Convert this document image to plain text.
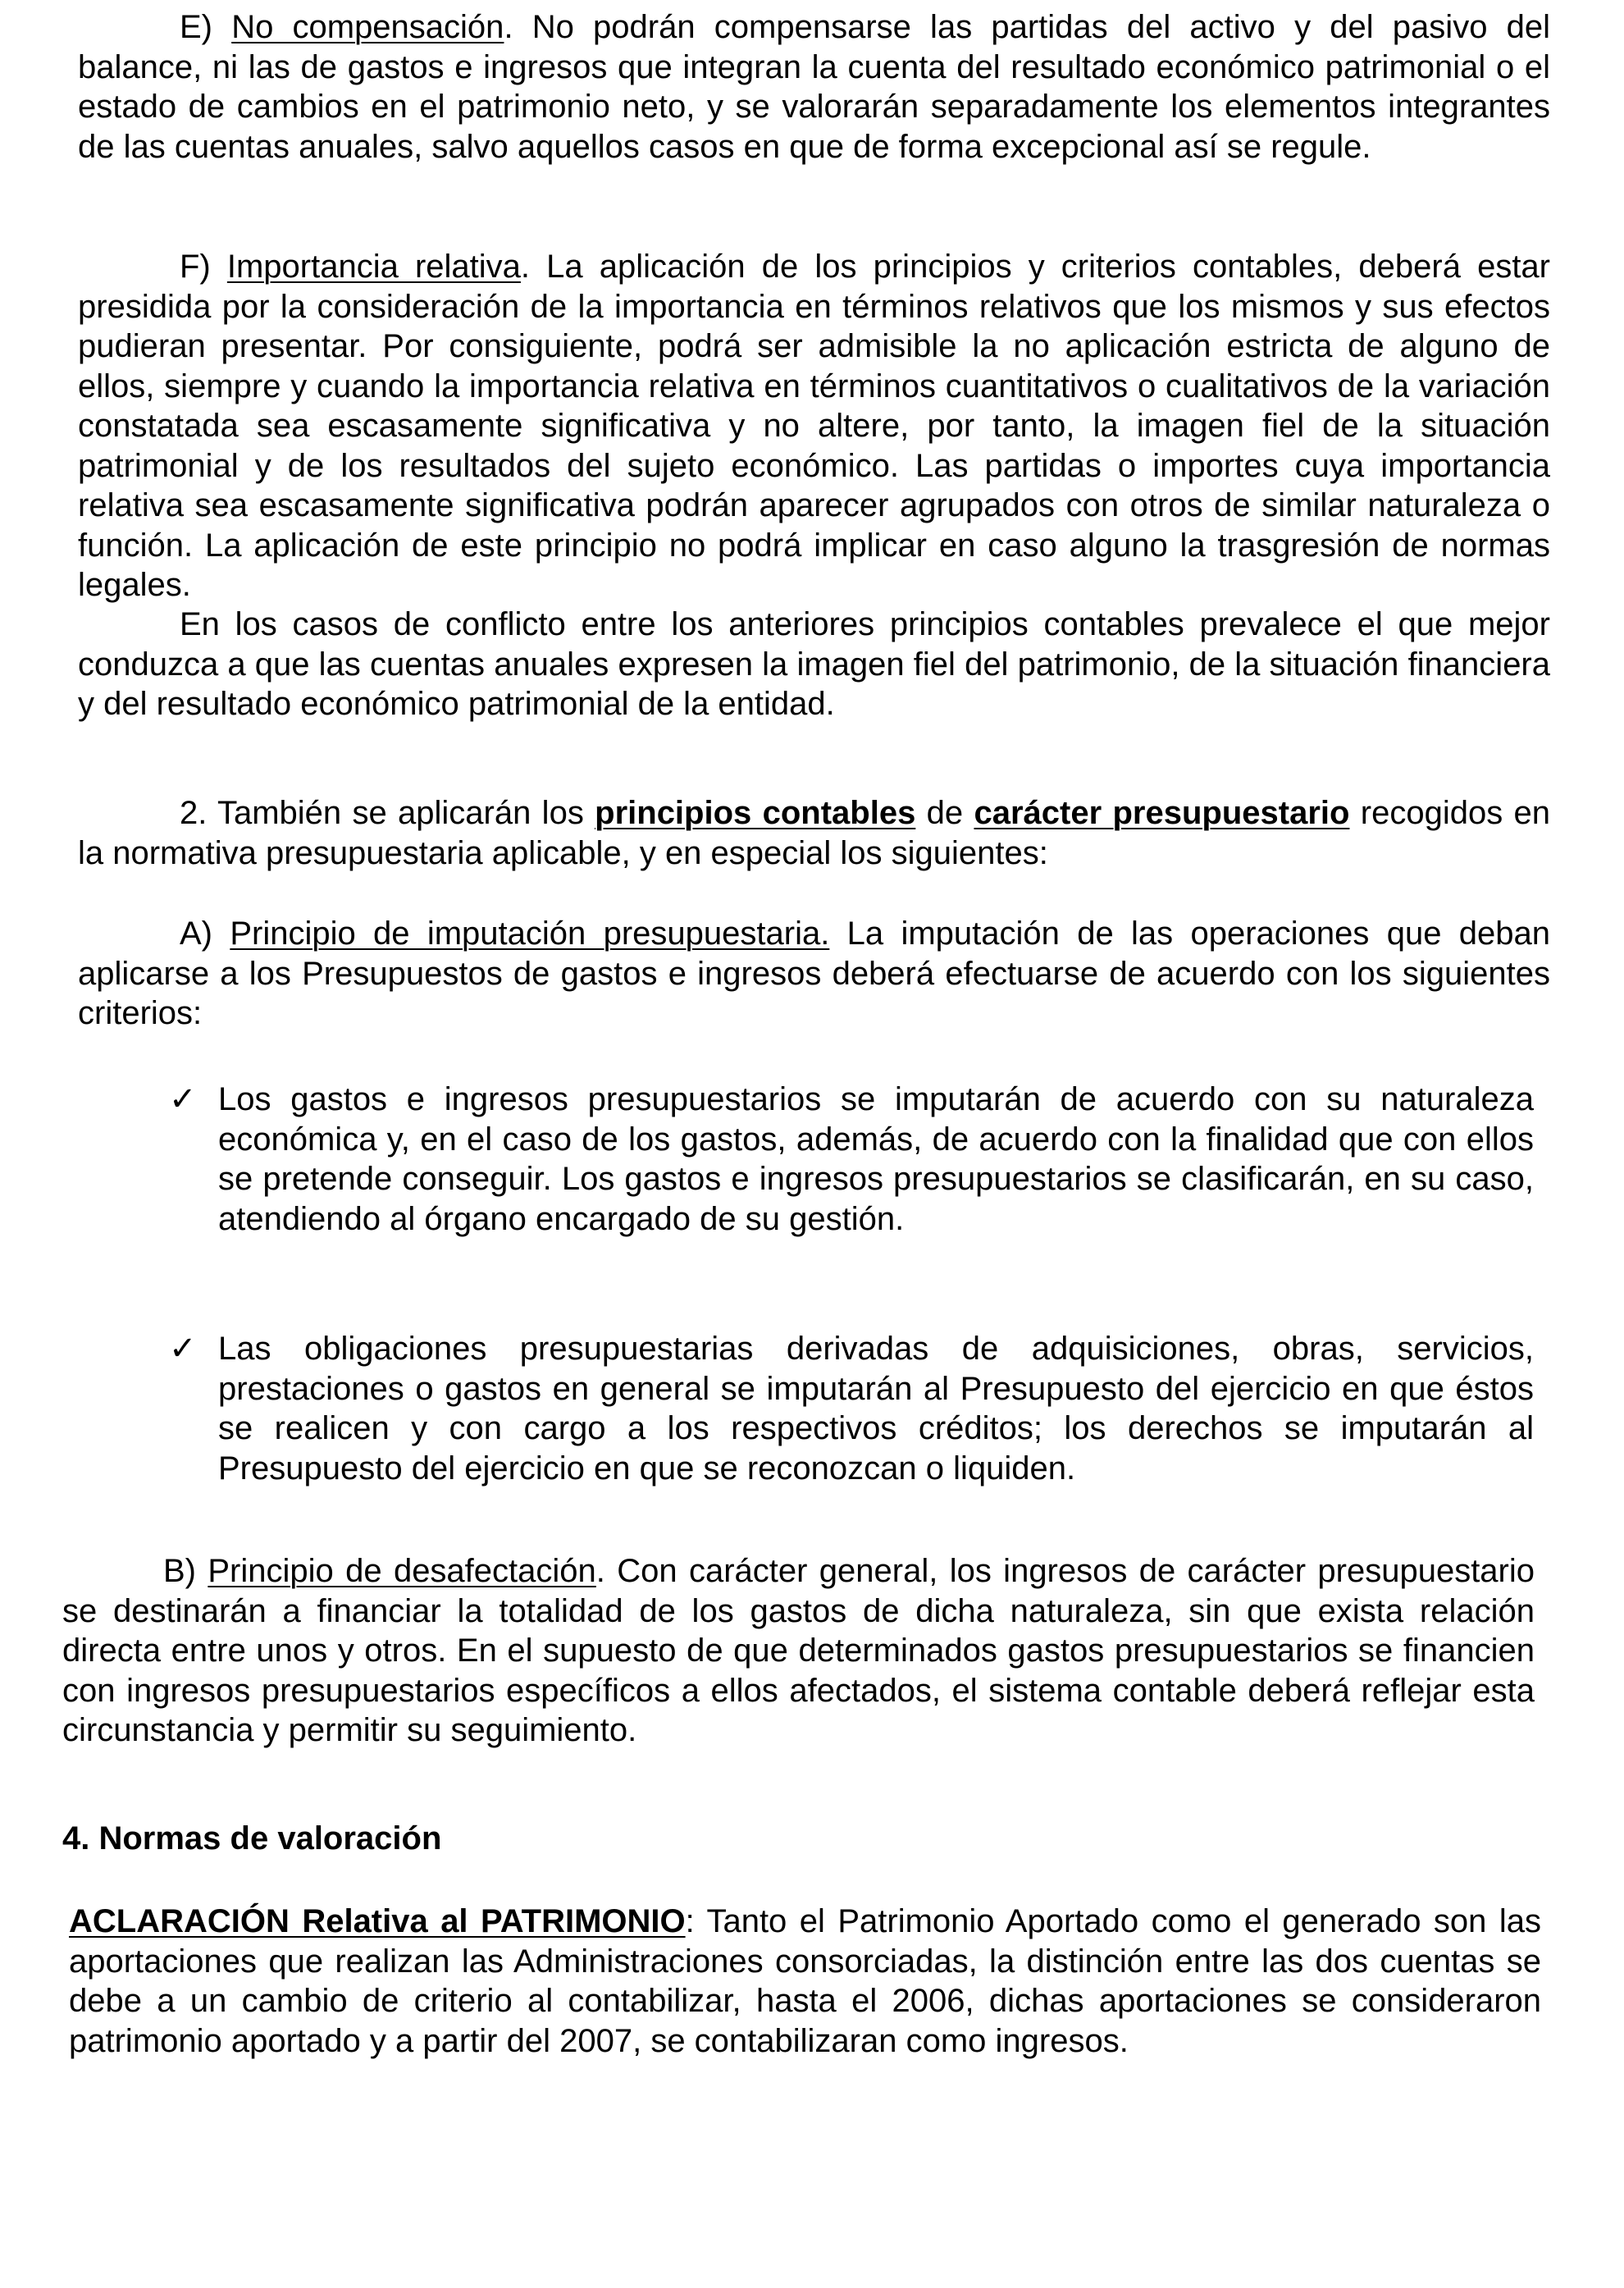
E) No compensación. No podrán compensarse las partidas del activo y del pasivo del balance, ni las de gastos e ingresos que integran la cuenta del resultado económico patrimonial o el estado de cambios en el patrimonio neto, y se valorarán separadamente los elementos integrantes de las cuentas anuales, salvo aquellos casos en que de forma excepcional así se regule.

F) Importancia relativa. La aplicación de los principios y criterios contables, deberá estar presidida por la consideración de la importancia en términos relativos que los mismos y sus efectos pudieran presentar. Por consiguiente, podrá ser admisible la no aplicación estricta de alguno de ellos, siempre y cuando la importancia relativa en términos cuantitativos o cualitativos de la variación constatada sea escasamente significativa y no altere, por tanto, la imagen fiel de la situación patrimonial y de los resultados del sujeto económico. Las partidas o importes cuya importancia relativa sea escasamente significativa podrán aparecer agrupados con otros de similar naturaleza o función. La aplicación de este principio no podrá implicar en caso alguno la trasgresión de normas legales.

En los casos de conflicto entre los anteriores principios contables prevalece el que mejor conduzca a que las cuentas anuales expresen la imagen fiel del patrimonio, de la situación financiera y del resultado económico patrimonial de la entidad.

2. También se aplicarán los principios contables de carácter presupuestario recogidos en la normativa presupuestaria aplicable, y en especial los siguientes:

A) Principio de imputación presupuestaria. La imputación de las operaciones que deban aplicarse a los Presupuestos de gastos e ingresos deberá efectuarse de acuerdo con los siguientes criterios:

✓ Los gastos e ingresos presupuestarios se imputarán de acuerdo con su naturaleza económica y, en el caso de los gastos, además, de acuerdo con la finalidad que con ellos se pretende conseguir. Los gastos e ingresos presupuestarios se clasificarán, en su caso, atendiendo al órgano encargado de su gestión.
✓ Las obligaciones presupuestarias derivadas de adquisiciones, obras, servicios, prestaciones o gastos en general se imputarán al Presupuesto del ejercicio en que éstos se realicen y con cargo a los respectivos créditos; los derechos se imputarán al Presupuesto del ejercicio en que se reconozcan o liquiden.

B) Principio de desafectación. Con carácter general, los ingresos de carácter presupuestario se destinarán a financiar la totalidad de los gastos de dicha naturaleza, sin que exista relación directa entre unos y otros. En el supuesto de que determinados gastos presupuestarios se financien con ingresos presupuestarios específicos a ellos afectados, el sistema contable deberá reflejar esta circunstancia y permitir su seguimiento.

4. Normas de valoración

ACLARACIÓN Relativa al PATRIMONIO: Tanto el Patrimonio Aportado como el generado son las aportaciones que realizan las Administraciones consorciadas, la distinción entre las dos cuentas se debe a un cambio de criterio al contabilizar, hasta el 2006, dichas aportaciones se consideraron patrimonio aportado y a partir del 2007, se contabilizaran como ingresos.
